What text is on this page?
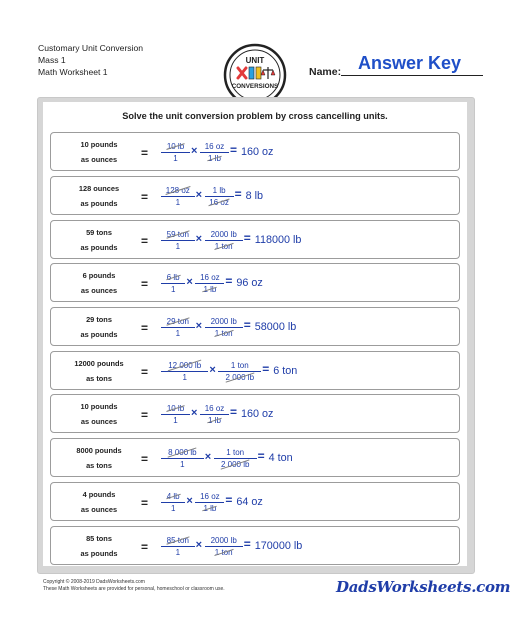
Customary Unit Conversion
Mass 1
Math Worksheet 1
UNIT
CONVERSIONS
Name: Answer Key
Solve the unit conversion problem by cross cancelling units.
10 pounds
as ounces	= $\frac{10 lb}{1} \times \frac{16 oz}{1 lb} = 160$ oz
128 ounces
as pounds	= $\frac{128 oz}{1} \times \frac{1 lb}{16 oz} = 8$ lb
59 tons
as pounds	=	59 ton
1
×	2000 lb
1 ton
= 118000 lb
6 pounds
as ounces	= $\frac{6 lb}{1} \times \frac{16 oz}{1 lb} = 96$ oz
29 tons
as pounds	=	29 ton
1
×	2000 lb
1 ton
= 58000 lb
12000 pounds
as tons	= $\frac{12 000 lb}{1}$ ×	1 ton
2 000 lb
= 6 ton
10 pounds
as ounces	= $\frac{10 lb}{1} \times \frac{16 oz}{1 lb} = 160$ oz
8000 pounds
as tons	= $\frac{8 000 lb}{1}$ ×	1 ton
2 000 lb
= 4 ton
4 pounds
as ounces	= $\frac{4 lb}{1} \times \frac{16 oz}{1 lb} = 64$ oz
85 tons
as pounds	=	85 ton
1
×	2000 lb
1 ton
= 170000 lb
Copyright © 2008-2019 DadsWorksheets.com
These Math Worksheets are provided for personal, homeschool or classroom use.	DadsWorksheets.com
